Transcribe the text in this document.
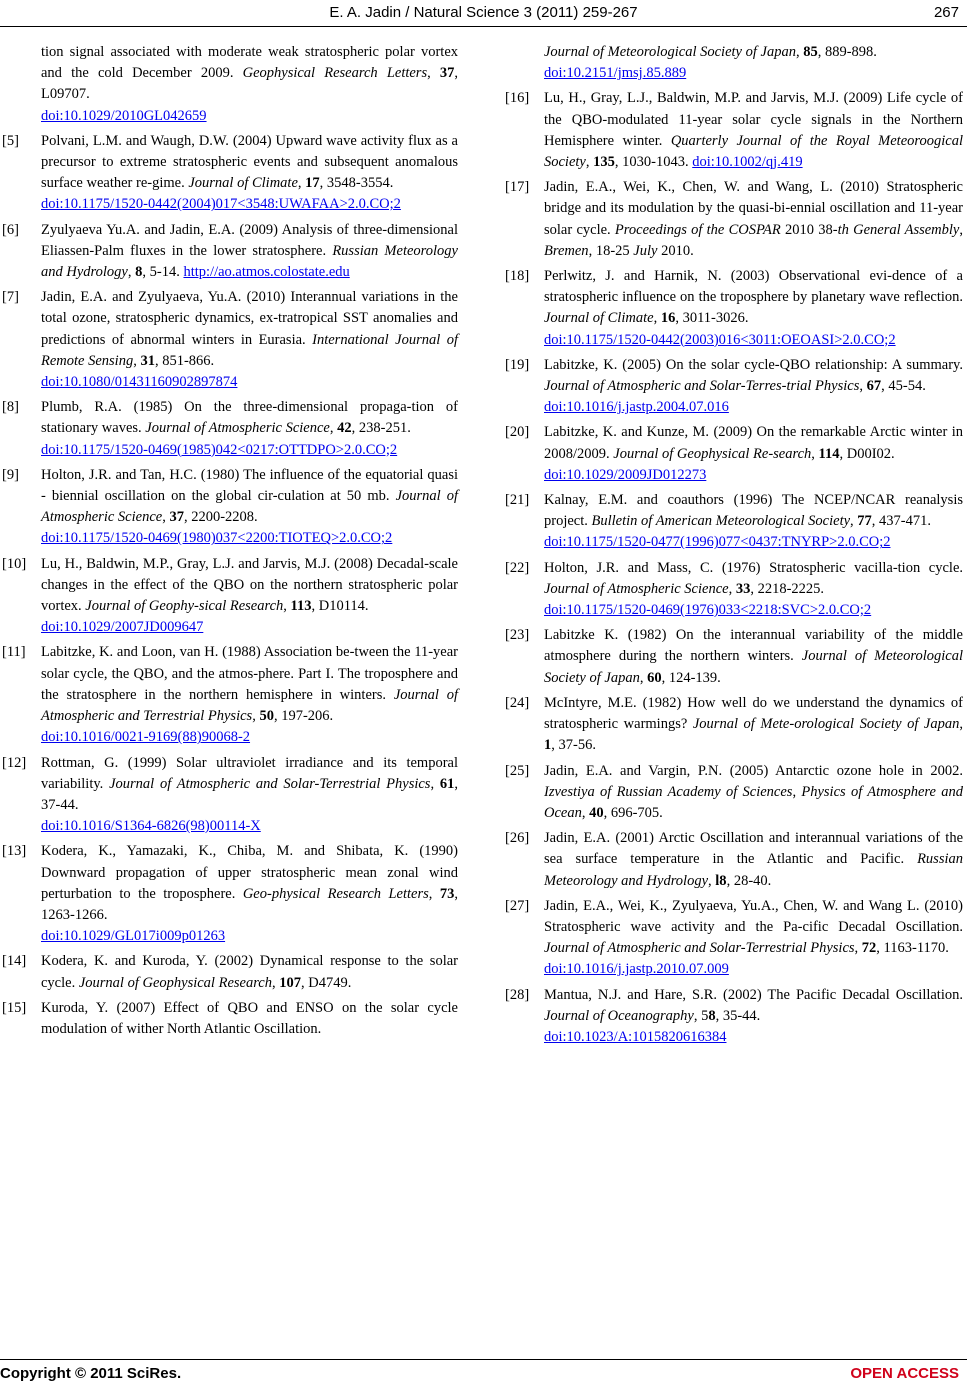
E. A. Jadin / Natural Science 3 (2011) 259-267	267
tion signal associated with moderate weak stratospheric polar vortex and the cold December 2009. Geophysical Research Letters, 37, L09707.
doi:10.1029/2010GL042659
[5] Polvani, L.M. and Waugh, D.W. (2004) Upward wave activity flux as a precursor to extreme stratospheric events and subsequent anomalous surface weather re-gime. Journal of Climate, 17, 3548-3554.
doi:10.1175/1520-0442(2004)017<3548:UWAFAA>2.0.CO;2
[6] Zyulyaeva Yu.A. and Jadin, E.A. (2009) Analysis of three-dimensional Eliassen-Palm fluxes in the lower stratosphere. Russian Meteorology and Hydrology, 8, 5-14. http://ao.atmos.colostate.edu
[7] Jadin, E.A. and Zyulyaeva, Yu.A. (2010) Interannual variations in the total ozone, stratospheric dynamics, ex-tratropical SST anomalies and predictions of abnormal winters in Eurasia. International Journal of Remote Sensing, 31, 851-866.
doi:10.1080/01431160902897874
[8] Plumb, R.A. (1985) On the three-dimensional propaga-tion of stationary waves. Journal of Atmospheric Science, 42, 238-251.
doi:10.1175/1520-0469(1985)042<0217:OTTDPO>2.0.CO;2
[9] Holton, J.R. and Tan, H.C. (1980) The influence of the equatorial quasi - biennial oscillation on the global cir-culation at 50 mb. Journal of Atmospheric Science, 37, 2200-2208.
doi:10.1175/1520-0469(1980)037<2200:TIOTEQ>2.0.CO;2
[10] Lu, H., Baldwin, M.P., Gray, L.J. and Jarvis, M.J. (2008) Decadal-scale changes in the effect of the QBO on the northern stratospheric polar vortex. Journal of Geophy-sical Research, 113, D10114.
doi:10.1029/2007JD009647
[11] Labitzke, K. and Loon, van H. (1988) Association be-tween the 11-year solar cycle, the QBO, and the atmos-phere. Part I. The troposphere and the stratosphere in the northern hemisphere in winters. Journal of Atmospheric and Terrestrial Physics, 50, 197-206.
doi:10.1016/0021-9169(88)90068-2
[12] Rottman, G. (1999) Solar ultraviolet irradiance and its temporal variability. Journal of Atmospheric and Solar-Terrestrial Physics, 61, 37-44.
doi:10.1016/S1364-6826(98)00114-X
[13] Kodera, K., Yamazaki, K., Chiba, M. and Shibata, K. (1990) Downward propagation of upper stratospheric mean zonal wind perturbation to the troposphere. Geo-physical Research Letters, 73, 1263-1266.
doi:10.1029/GL017i009p01263
[14] Kodera, K. and Kuroda, Y. (2002) Dynamical response to the solar cycle. Journal of Geophysical Research, 107, D4749.
[15] Kuroda, Y. (2007) Effect of QBO and ENSO on the solar cycle modulation of wither North Atlantic Oscillation.
Journal of Meteorological Society of Japan, 85, 889-898.
doi:10.2151/jmsj.85.889
[16] Lu, H., Gray, L.J., Baldwin, M.P. and Jarvis, M.J. (2009) Life cycle of the QBO-modulated 11-year solar cycle signals in the Northern Hemisphere winter. Quarterly Journal of the Royal Meteoroogical Society, 135, 1030-1043. doi:10.1002/qj.419
[17] Jadin, E.A., Wei, K., Chen, W. and Wang, L. (2010) Stratospheric bridge and its modulation by the quasi-bi-ennial oscillation and 11-year solar cycle. Proceedings of the COSPAR 2010 38-th General Assembly, Bremen, 18-25 July 2010.
[18] Perlwitz, J. and Harnik, N. (2003) Observational evi-dence of a stratospheric influence on the troposphere by planetary wave reflection. Journal of Climate, 16, 3011-3026.
doi:10.1175/1520-0442(2003)016<3011:OEOASI>2.0.CO;2
[19] Labitzke, K. (2005) On the solar cycle-QBO relationship: A summary. Journal of Atmospheric and Solar-Terres-trial Physics, 67, 45-54.
doi:10.1016/j.jastp.2004.07.016
[20] Labitzke, K. and Kunze, M. (2009) On the remarkable Arctic winter in 2008/2009. Journal of Geophysical Re-search, 114, D00I02.
doi:10.1029/2009JD012273
[21] Kalnay, E.M. and coauthors (1996) The NCEP/NCAR reanalysis project. Bulletin of American Meteorological Society, 77, 437-471.
doi:10.1175/1520-0477(1996)077<0437:TNYRP>2.0.CO;2
[22] Holton, J.R. and Mass, C. (1976) Stratospheric vacilla-tion cycle. Journal of Atmospheric Science, 33, 2218-2225.
doi:10.1175/1520-0469(1976)033<2218:SVC>2.0.CO;2
[23] Labitzke K. (1982) On the interannual variability of the middle atmosphere during the northern winters. Journal of Meteorological Society of Japan, 60, 124-139.
[24] McIntyre, M.E. (1982) How well do we understand the dynamics of stratospheric warmings? Journal of Mete-orological Society of Japan, 1, 37-56.
[25] Jadin, E.A. and Vargin, P.N. (2005) Antarctic ozone hole in 2002. Izvestiya of Russian Academy of Sciences, Physics of Atmosphere and Ocean, 40, 696-705.
[26] Jadin, E.A. (2001) Arctic Oscillation and interannual variations of the sea surface temperature in the Atlantic and Pacific. Russian Meteorology and Hydrology, l8, 28-40.
[27] Jadin, E.A., Wei, K., Zyulyaeva, Yu.A., Chen, W. and Wang L. (2010) Stratospheric wave activity and the Pa-cific Decadal Oscillation. Journal of Atmospheric and Solar-Terrestrial Physics, 72, 1163-1170.
doi:10.1016/j.jastp.2010.07.009
[28] Mantua, N.J. and Hare, S.R. (2002) The Pacific Decadal Oscillation. Journal of Oceanography, 58, 35-44.
doi:10.1023/A:1015820616384
Copyright © 2011 SciRes.	OPEN ACCESS
